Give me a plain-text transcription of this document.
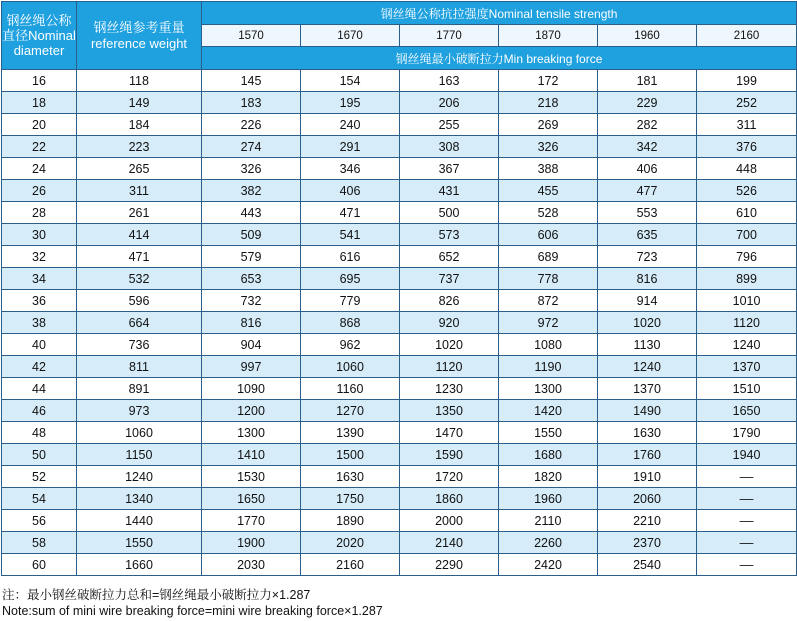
钢丝绳公称直径Nominal diameter	钢丝绳参考重量reference weight	钢丝绳公称抗拉强度Nominal tensile strength					
		1570	1670	1770	1870	1960	2160
		钢丝绳最小破断拉力Min breaking force					
16	118	145	154	163	172	181	199
18	149	183	195	206	218	229	252
20	184	226	240	255	269	282	311
22	223	274	291	308	326	342	376
24	265	326	346	367	388	406	448
26	311	382	406	431	455	477	526
28	261	443	471	500	528	553	610
30	414	509	541	573	606	635	700
32	471	579	616	652	689	723	796
34	532	653	695	737	778	816	899
36	596	732	779	826	872	914	1010
38	664	816	868	920	972	1020	1120
40	736	904	962	1020	1080	1130	1240
42	811	997	1060	1120	1190	1240	1370
44	891	1090	1160	1230	1300	1370	1510
46	973	1200	1270	1350	1420	1490	1650
48	1060	1300	1390	1470	1550	1630	1790
50	1150	1410	1500	1590	1680	1760	1940
52	1240	1530	1630	1720	1820	1910	––
54	1340	1650	1750	1860	1960	2060	––
56	1440	1770	1890	2000	2110	2210	––
58	1550	1900	2020	2140	2260	2370	––
60	1660	2030	2160	2290	2420	2540	––
注：最小钢丝破断拉力总和=钢丝绳最小破断拉力×1.287
Note:sum of mini wire breaking force=mini wire breaking force×1.287
